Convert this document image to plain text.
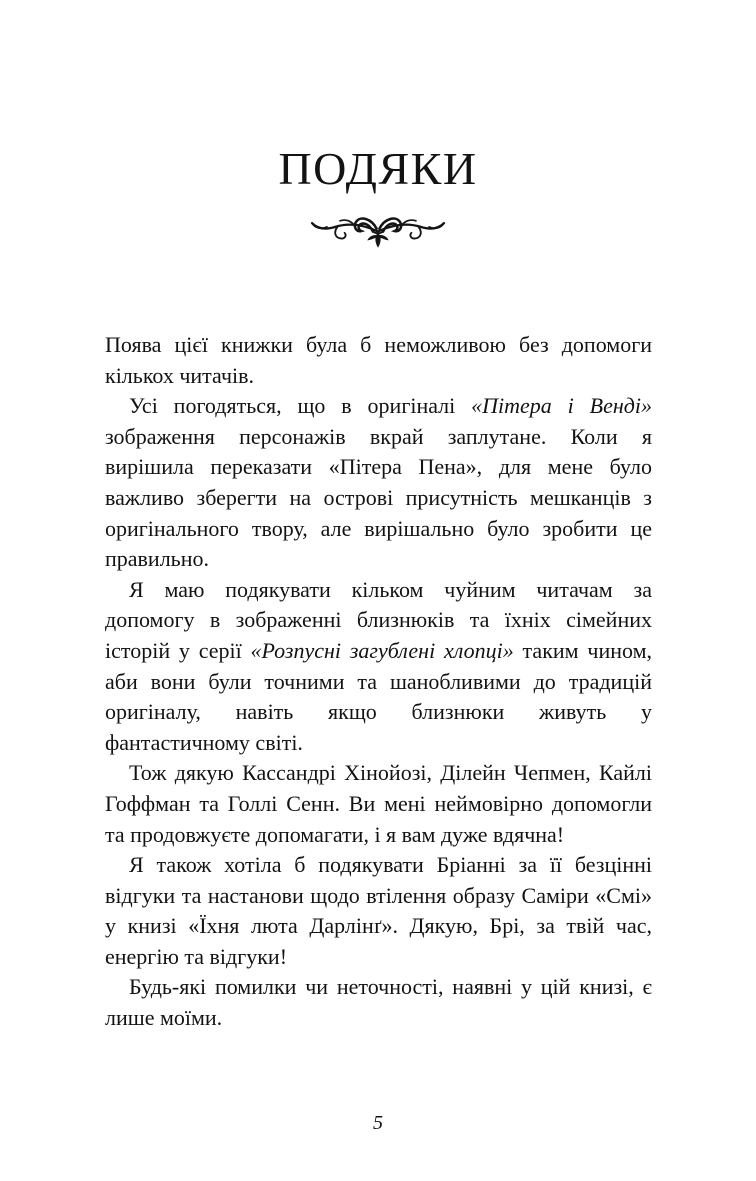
ПОДЯКИ

Поява цієї книжки була б неможливою без допомоги кількох читачів.

Усі погодяться, що в оригіналі «Пітера і Венді» зображення персонажів вкрай заплутане. Коли я вирішила переказати «Пітера Пена», для мене було важливо зберегти на острові присутність мешканців з оригінального твору, але вирішально було зробити це правильно.

Я маю подякувати кільком чуйним читачам за допомогу в зображенні близнюків та їхніх сімейних історій у серії «Розпусні загублені хлопці» таким чином, аби вони були точними та шанобливими до традицій оригіналу, навіть якщо близнюки живуть у фантастичному світі.

Тож дякую Кассандрі Хінойозі, Ділейн Чепмен, Кайлі Гоффман та Голлі Сенн. Ви мені неймовірно допомогли та продовжуєте допомагати, і я вам дуже вдячна!

Я також хотіла б подякувати Бріанні за її безцінні відгуки та настанови щодо втілення образу Саміри «Смі» у книзі «Їхня люта Дарлінґ». Дякую, Брі, за твій час, енергію та відгуки!

Будь-які помилки чи неточності, наявні у цій книзі, є лише моїми.

5
